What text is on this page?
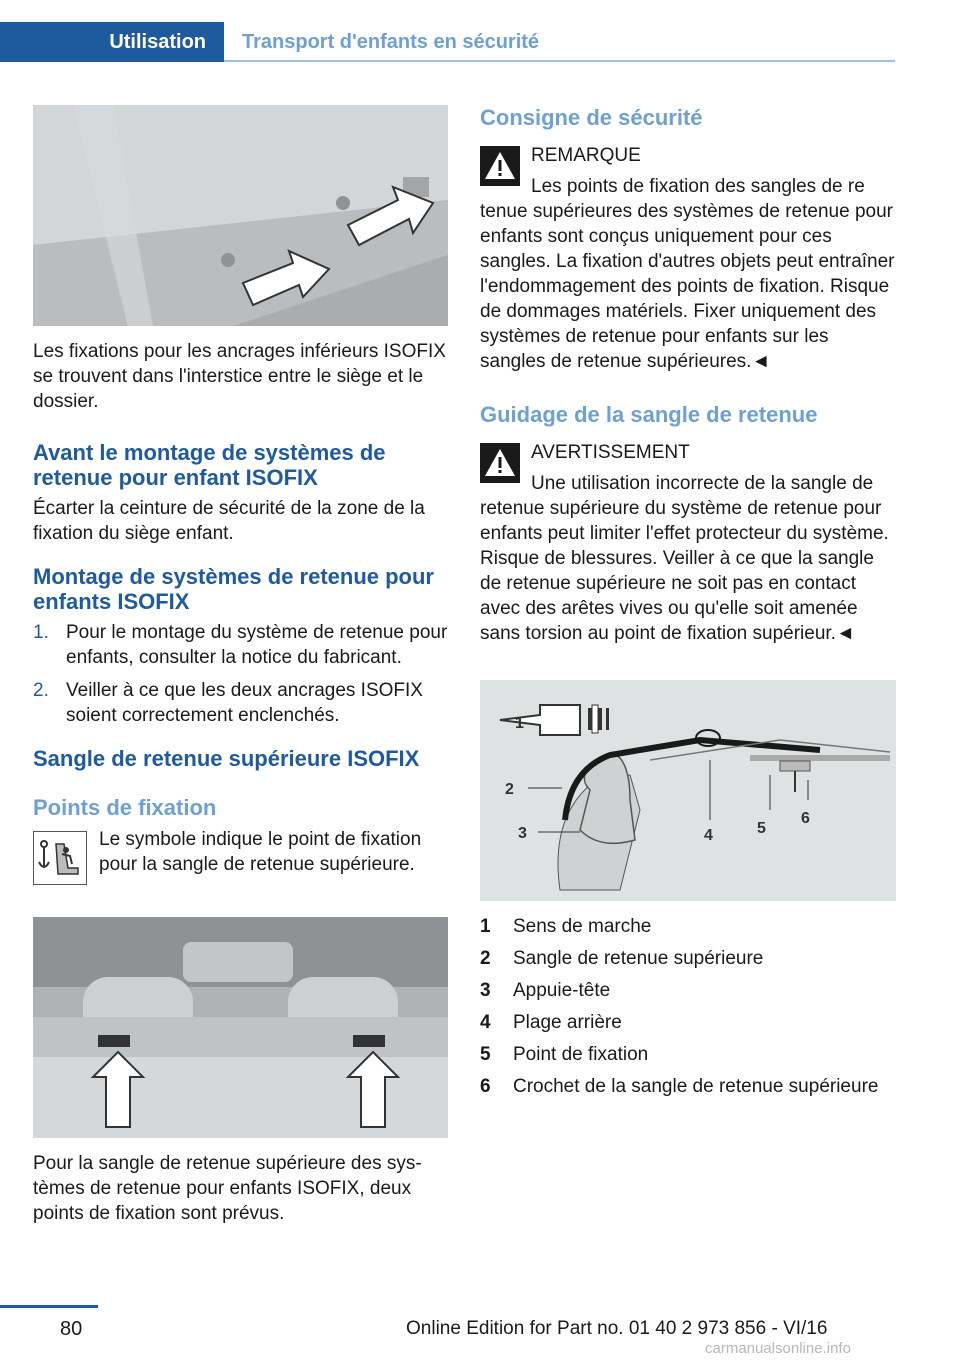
Utilisation	Transport d'enfants en sécurité

Les fixations pour les ancrages inférieurs ISOFIX se trouvent dans l'interstice entre le siège et le dossier.

Avant le montage de systèmes de retenue pour enfant ISOFIX

Écarter la ceinture de sécurité de la zone de la fixation du siège enfant.

Montage de systèmes de retenue pour enfants ISOFIX
1. Pour le montage du système de retenue pour enfants, consulter la notice du fabricant.
2. Veiller à ce que les deux ancrages ISOFIX soient correctement enclenchés.
Sangle de retenue supérieure ISOFIX
Points de fixation

Le symbole indique le point de fixation pour la sangle de retenue supérieure.

Pour la sangle de retenue supérieure des systèmes de retenue pour enfants ISOFIX, deux points de fixation sont prévus.

Consigne de sécurité

REMARQUE

Les points de fixation des sangles de re

tenue supérieures des systèmes de retenue pour enfants sont conçus uniquement pour ces sangles. La fixation d'autres objets peut entraîner l'endommagement des points de fixation. Risque de dommages matériels. Fixer uniquement des systèmes de retenue pour enfants sur les sangles de retenue supérieures.◄

Guidage de la sangle de retenue

AVERTISSEMENT

Une utilisation incorrecte de la sangle de

retenue supérieure du système de retenue pour enfants peut limiter l'effet protecteur du système. Risque de blessures. Veiller à ce que la sangle de retenue supérieure ne soit pas en contact avec des arêtes vives ou qu'elle soit amenée sans torsion au point de fixation supérieur.◄

1
2
3	4	5
6
1 Sens de marche
2 Sangle de retenue supérieure
3 Appuie-tête
4 Plage arrière
5 Point de fixation
6 Crochet de la sangle de retenue supérieure
80	Online Edition for Part no. 01 40 2 973 856 - VI/16
carmanualsonline.info
